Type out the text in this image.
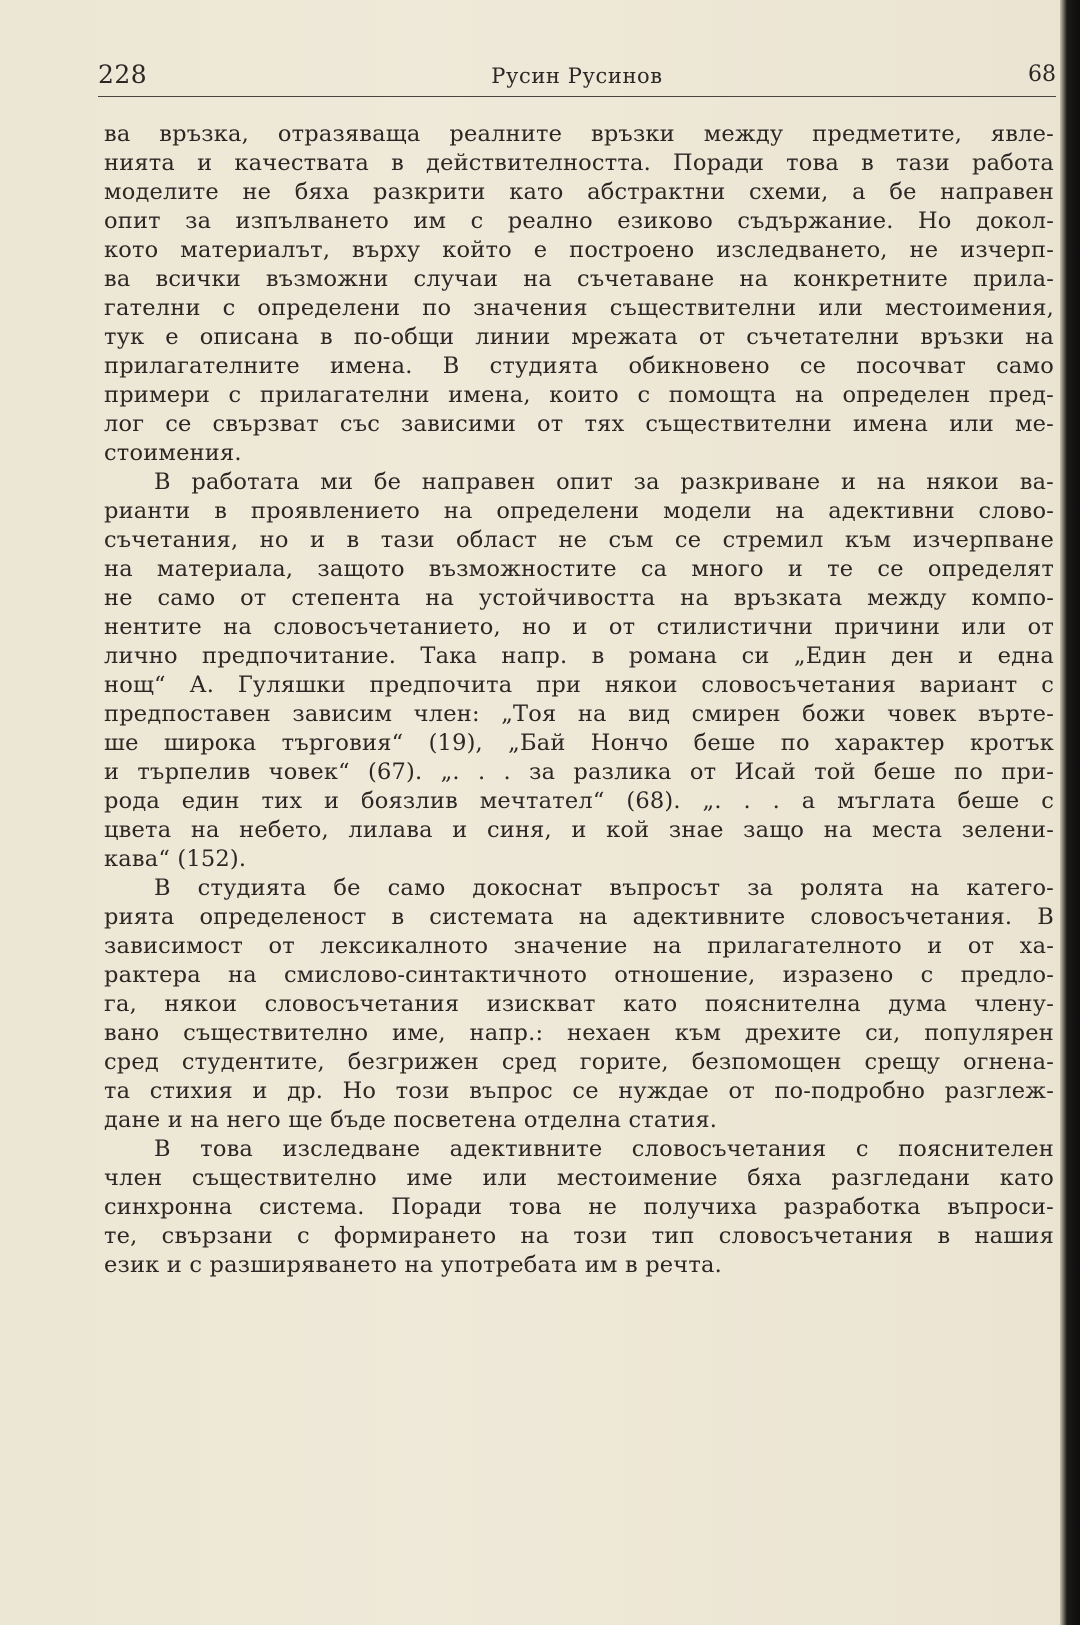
228	Русин Русинов	68
ва връзка, отразяваща реалните връзки между предметите, явле-
нията и качествата в действителността. Поради това в тази работа
моделите не бяха разкрити като абстрактни схеми, а бе направен
опит за изпълването им с реално езиково съдържание. Но докол-
кото материалът, върху който е построено изследването, не изчерп-
ва всички възможни случаи на съчетаване на конкретните прила-
гателни с определени по значения съществителни или местоимения,
тук е описана в по-общи линии мрежата от съчетателни връзки на
прилагателните имена. В студията обикновено се посочват само
примери с прилагателни имена, които с помощта на определен пред-
лог се свързват със зависими от тях съществителни имена или ме-
стоимения.
В работата ми бе направен опит за разкриване и на някои ва-
рианти в проявлението на определени модели на адективни слово-
съчетания, но и в тази област не съм се стремил към изчерпване
на материала, защото възможностите са много и те се определят
не само от степента на устойчивостта на връзката между компо-
нентите на словосъчетанието, но и от стилистични причини или от
лично предпочитание. Така напр. в романа си „Един ден и една
нощ“ А. Гуляшки предпочита при някои словосъчетания вариант с
предпоставен зависим член: „Тоя на вид смирен божи човек върте-
ше широка търговия“ (19), „Бай Нончо беше по характер кротък
и търпелив човек“ (67). „. . . за разлика от Исай той беше по при-
рода един тих и боязлив мечтател“ (68). „. . . а мъглата беше с
цвета на небето, лилава и синя, и кой знае защо на места зелени-
кава“ (152).
В студията бе само докоснат въпросът за ролята на катего-
рията определеност в системата на адективните словосъчетания. В
зависимост от лексикалното значение на прилагателното и от ха-
рактера на смислово-синтактичното отношение, изразено с предло-
га, някои словосъчетания изискват като пояснителна дума члену-
вано съществително име, напр.: нехаен към дрехите си, популярен
сред студентите, безгрижен сред горите, безпомощен срещу огнена-
та стихия и др. Но този въпрос се нуждае от по-подробно разглеж-
дане и на него ще бъде посветена отделна статия.
В това изследване адективните словосъчетания с пояснителен
член съществително име или местоимение бяха разгледани като
синхронна система. Поради това не получиха разработка въпроси-
те, свързани с формирането на този тип словосъчетания в нашия
език и с разширяването на употребата им в речта.
